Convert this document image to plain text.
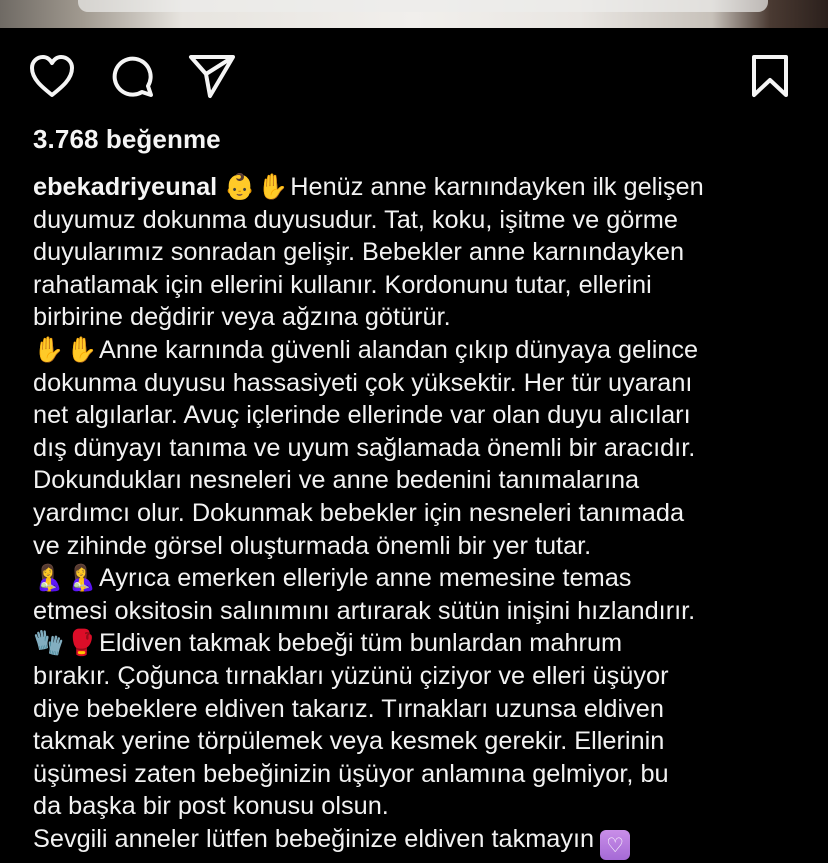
3.768 beğenme
ebekadriyeunal 👶✋Henüz anne karnındayken ilk gelişen
duyumuz dokunma duyusudur. Tat, koku, işitme ve görme
duyularımız sonradan gelişir. Bebekler anne karnındayken
rahatlamak için ellerini kullanır. Kordonunu tutar, ellerini
birbirine değdirir veya ağzına götürür.
✋✋Anne karnında güvenli alandan çıkıp dünyaya gelince
dokunma duyusu hassasiyeti çok yüksektir. Her tür uyaranı
net algılarlar. Avuç içlerinde ellerinde var olan duyu alıcıları
dış dünyayı tanıma ve uyum sağlamada önemli bir aracıdır.
Dokundukları nesneleri ve anne bedenini tanımalarına
yardımcı olur. Dokunmak bebekler için nesneleri tanımada
ve zihinde görsel oluşturmada önemli bir yer tutar.
🤱🤱Ayrıca emerken elleriyle anne memesine temas
etmesi oksitosin salınımını artırarak sütün inişini hızlandırır.
🧤🥊Eldiven takmak bebeği tüm bunlardan mahrum
bırakır. Çoğunca tırnakları yüzünü çiziyor ve elleri üşüyor
diye bebeklere eldiven takarız. Tırnakları uzunsa eldiven
takmak yerine törpülemek veya kesmek gerekir. Ellerinin
üşümesi zaten bebeğinizin üşüyor anlamına gelmiyor, bu
da başka bir post konusu olsun.
Sevgili anneler lütfen bebeğinize eldiven takmayın ♡
